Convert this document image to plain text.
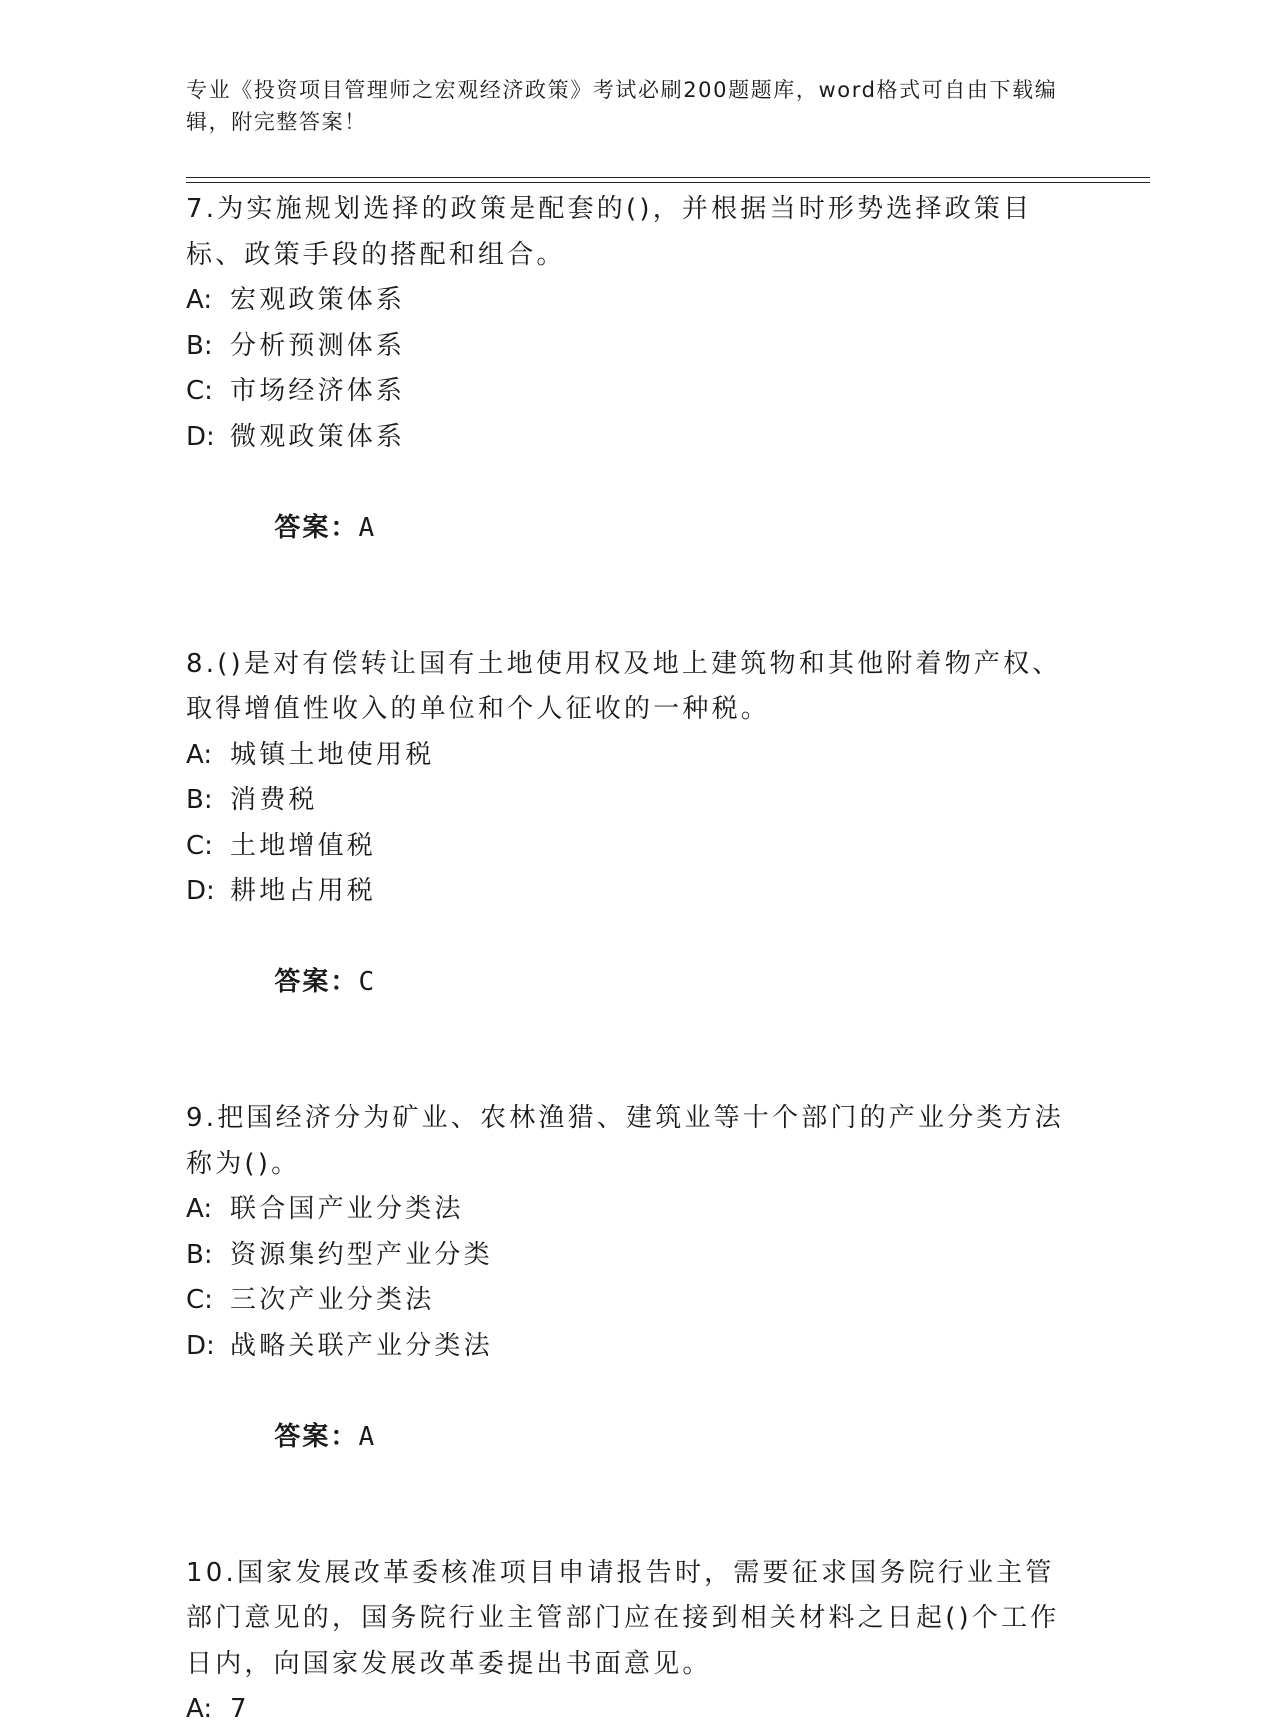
专业《投资项目管理师之宏观经济政策》考试必刷200题题库，word格式可自由下载编辑，附完整答案！
7.为实施规划选择的政策是配套的()，并根据当时形势选择政策目标、政策手段的搭配和组合。
A: 宏观政策体系
B: 分析预测体系
C: 市场经济体系
D: 微观政策体系

答案：A

8.()是对有偿转让国有土地使用权及地上建筑物和其他附着物产权、取得增值性收入的单位和个人征收的一种税。
A: 城镇土地使用税
B: 消费税
C: 土地增值税
D: 耕地占用税

答案：C

9.把国经济分为矿业、农林渔猎、建筑业等十个部门的产业分类方法称为()。
A: 联合国产业分类法
B: 资源集约型产业分类
C: 三次产业分类法
D: 战略关联产业分类法

答案：A

10.国家发展改革委核准项目申请报告时，需要征求国务院行业主管部门意见的，国务院行业主管部门应在接到相关材料之日起()个工作日内，向国家发展改革委提出书面意见。
A: 7
